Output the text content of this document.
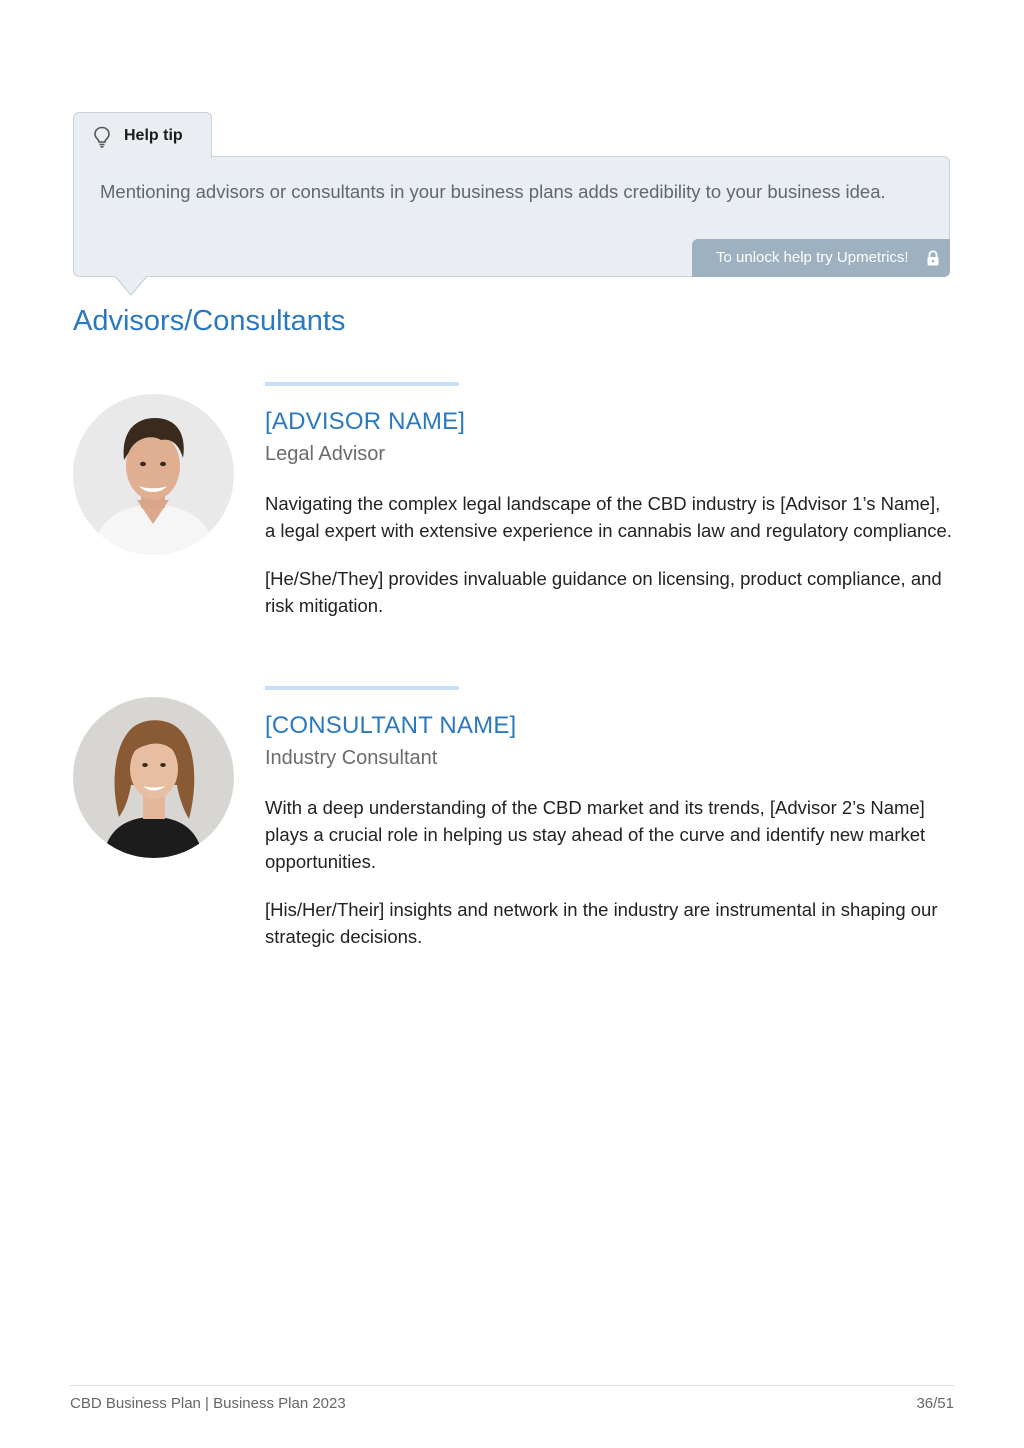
Help tip
Mentioning advisors or consultants in your business plans adds credibility to your business idea.
To unlock help try Upmetrics!
Advisors/Consultants
[ADVISOR NAME]
Legal Advisor

Navigating the complex legal landscape of the CBD industry is [Advisor 1’s Name], a legal expert with extensive experience in cannabis law and regulatory compliance.

[He/She/They] provides invaluable guidance on licensing, product compliance, and risk mitigation.

[CONSULTANT NAME]
Industry Consultant

With a deep understanding of the CBD market and its trends, [Advisor 2’s Name] plays a crucial role in helping us stay ahead of the curve and identify new market opportunities.

[His/Her/Their] insights and network in the industry are instrumental in shaping our strategic decisions.

CBD Business Plan | Business Plan 2023	36/51
